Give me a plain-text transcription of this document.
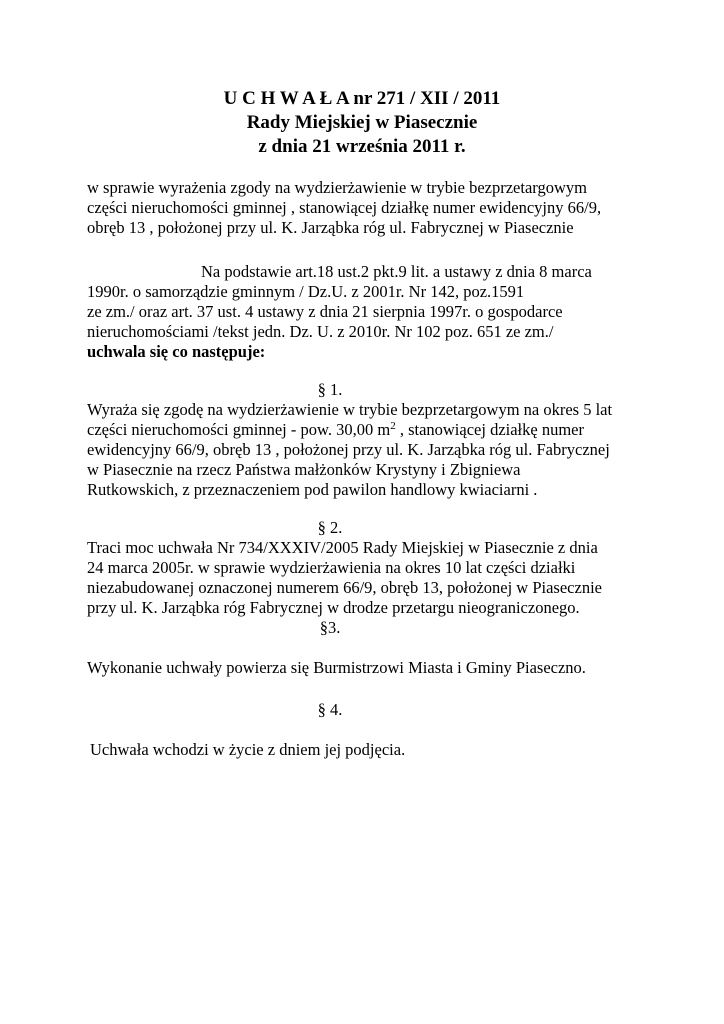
U C H W A Ł A nr 271 / XII / 2011
Rady Miejskiej w Piasecznie
z dnia 21 września 2011 r.
w sprawie wyrażenia zgody na wydzierżawienie w trybie bezprzetargowym
części nieruchomości gminnej , stanowiącej działkę numer ewidencyjny 66/9,
obręb 13 , położonej przy ul. K. Jarząbka róg ul. Fabrycznej w Piasecznie
Na podstawie art.18 ust.2 pkt.9 lit. a ustawy z dnia 8 marca
1990r. o samorządzie gminnym / Dz.U. z 2001r. Nr 142, poz.1591
ze zm./ oraz art. 37 ust. 4 ustawy z dnia 21 sierpnia 1997r. o gospodarce
nieruchomościami /tekst jedn. Dz. U. z 2010r. Nr 102 poz. 651 ze zm./
uchwala się co następuje:
§ 1.
Wyraża się zgodę na wydzierżawienie w trybie bezprzetargowym na okres 5 lat
części nieruchomości gminnej - pow. 30,00 $m^2$ , stanowiącej działkę numer
ewidencyjny 66/9, obręb 13 , położonej przy ul. K. Jarząbka róg ul. Fabrycznej
w Piasecznie na rzecz Państwa małżonków Krystyny i Zbigniewa
Rutkowskich, z przeznaczeniem pod pawilon handlowy kwiaciarni .
§ 2.
Traci moc uchwała Nr 734/XXXIV/2005 Rady Miejskiej w Piasecznie z dnia
24 marca 2005r. w sprawie wydzierżawienia na okres 10 lat części działki
niezabudowanej oznaczonej numerem 66/9, obręb 13, położonej w Piasecznie
przy ul. K. Jarząbka róg Fabrycznej w drodze przetargu nieograniczonego.
§3.
Wykonanie uchwały powierza się Burmistrzowi Miasta i Gminy Piaseczno.
§ 4.
Uchwała wchodzi w życie z dniem jej podjęcia.
